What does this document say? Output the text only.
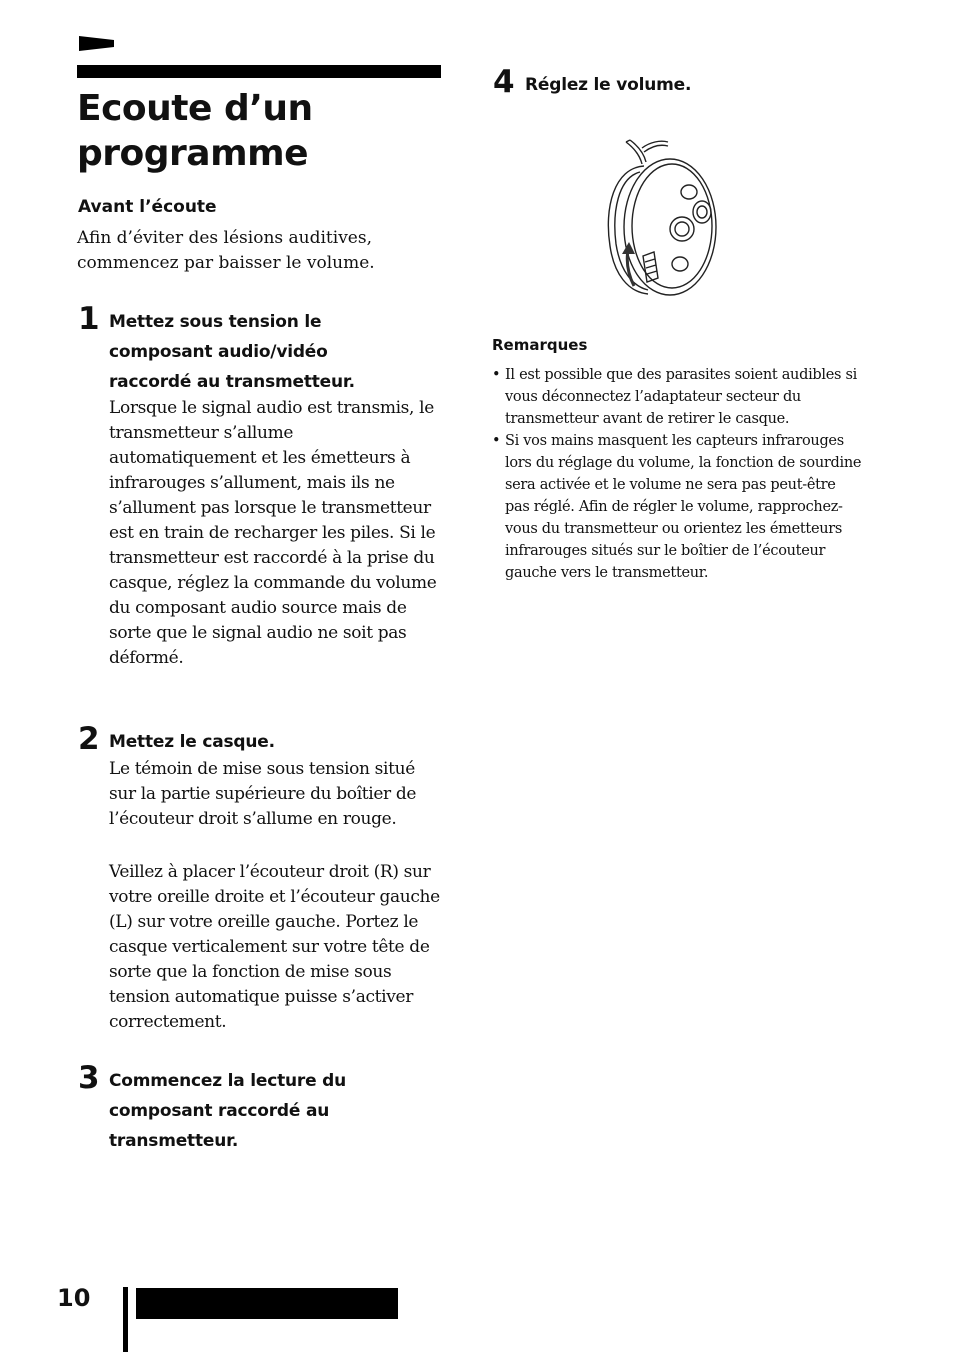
Ecoute d’un programme
Avant l’écoute

Afin d’éviter des lésions auditives, commencez par baisser le volume.

1 Mettez sous tension le composant audio/vidéo raccordé au transmetteur.

Lorsque le signal audio est transmis, le transmetteur s’allume automatiquement et les émetteurs à infrarouges s’allument, mais ils ne s’allument pas lorsque le transmetteur est en train de recharger les piles. Si le transmetteur est raccordé à la prise du casque, réglez la commande du volume du composant audio source mais de sorte que le signal audio ne soit pas déformé.

2 Mettez le casque.

Le témoin de mise sous tension situé sur la partie supérieure du boîtier de l’écouteur droit s’allume en rouge.

Veillez à placer l’écouteur droit (R) sur votre oreille droite et l’écouteur gauche (L) sur votre oreille gauche. Portez le casque verticalement sur votre tête de sorte que la fonction de mise sous tension automatique puisse s’activer correctement.

3 Commencez la lecture du composant raccordé au transmetteur.
4 Réglez le volume.
Remarques
• Il est possible que des parasites soient audibles si vous déconnectez l’adaptateur secteur du transmetteur avant de retirer le casque.
• Si vos mains masquent les capteurs infrarouges lors du réglage du volume, la fonction de sourdine sera activée et le volume ne sera pas peut-être pas réglé. Afin de régler le volume, rapprochez-vous du transmetteur ou orientez les émetteurs infrarouges situés sur le boîtier de l’écouteur gauche vers le transmetteur.
10
